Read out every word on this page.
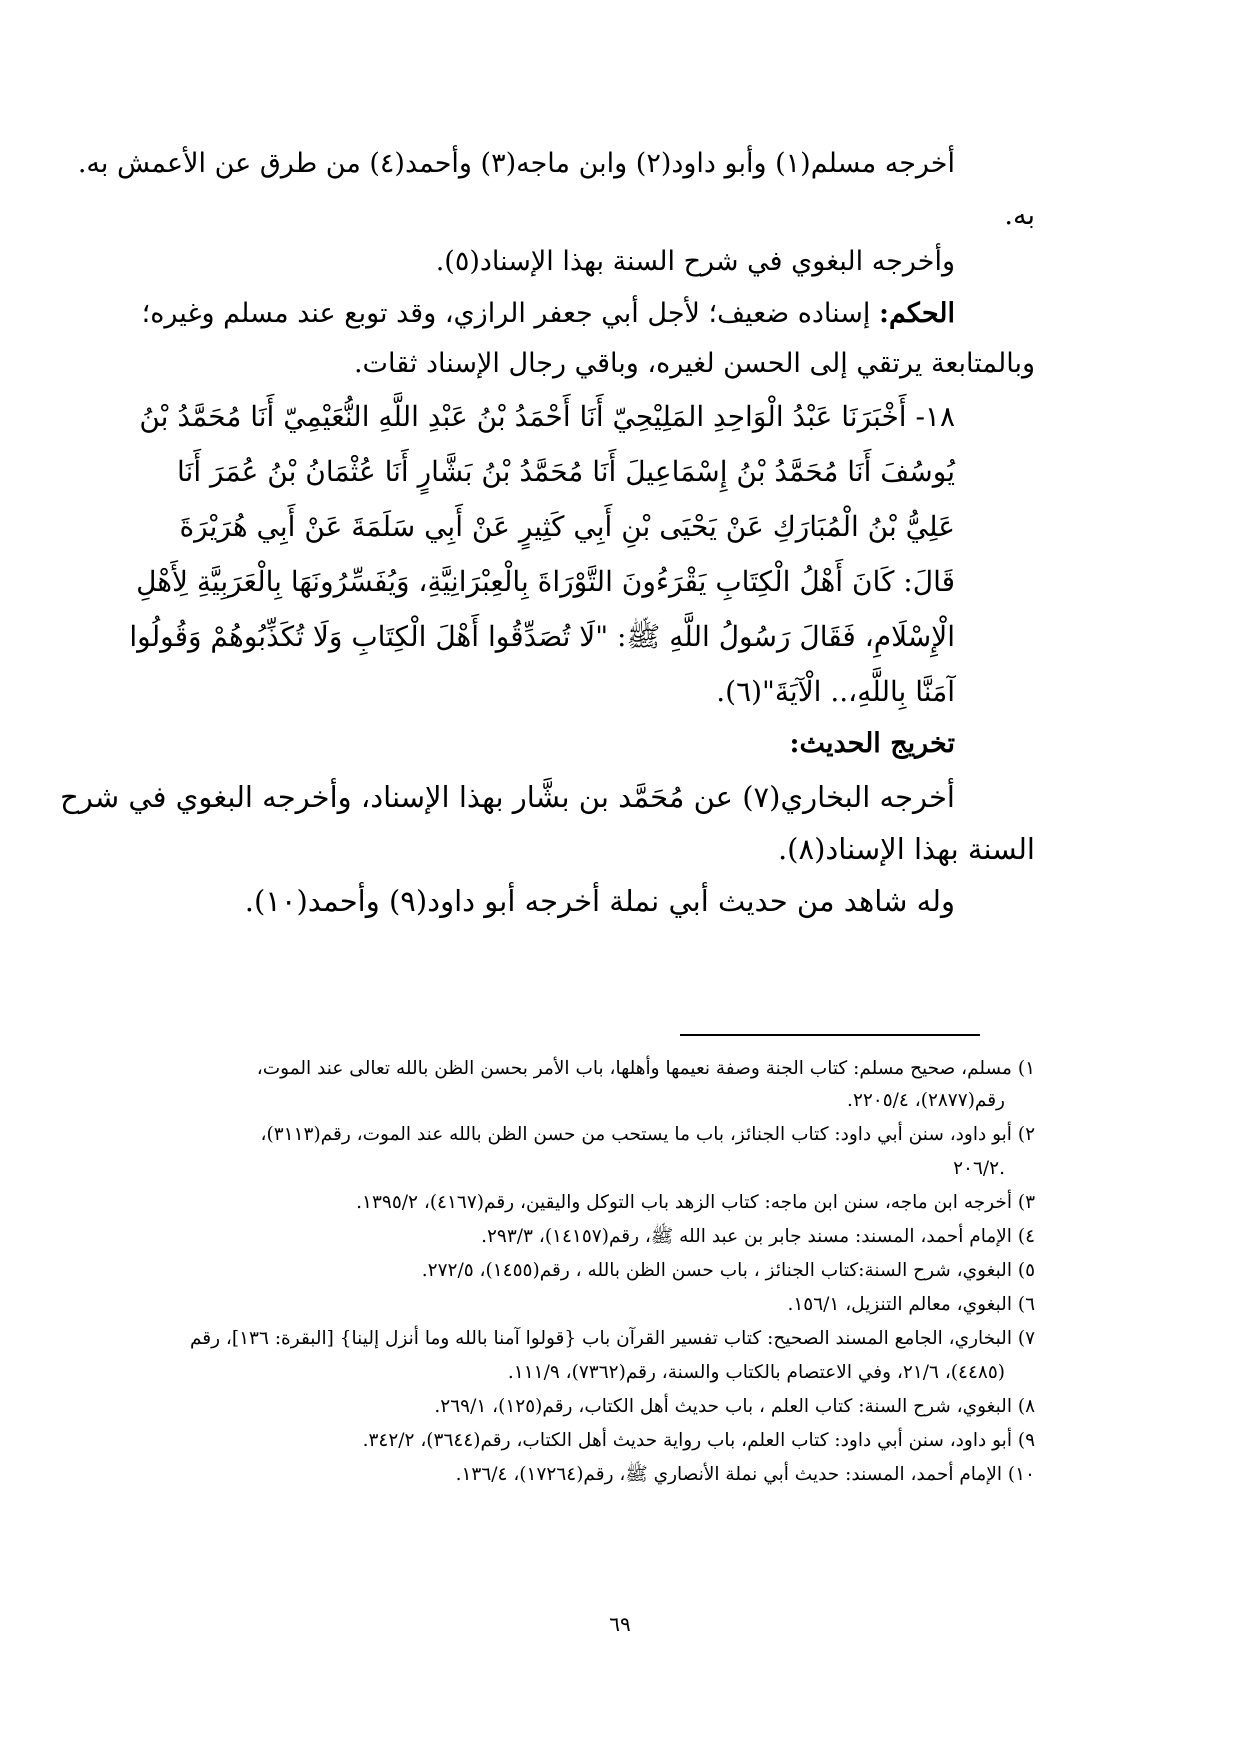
أخرجه مسلم(١) وأبو داود(٢) وابن ماجه(٣) وأحمد(٤) من طرق عن الأعمش به.
به.
وأخرجه البغوي في شرح السنة بهذا الإسناد(٥).
الحكم: إسناده ضعيف؛ لأجل أبي جعفر الرازي، وقد توبع عند مسلم وغيره؛
وبالمتابعة يرتقي إلى الحسن لغيره، وباقي رجال الإسناد ثقات.
١٨- أَخْبَرَنَا عَبْدُ الْوَاحِدِ المَلِيْحِيّ أَنَا أَحْمَدُ بْنُ عَبْدِ اللَّهِ النُّعَيْمِيّ أَنَا مُحَمَّدُ بْنُ
يُوسُفَ أَنَا مُحَمَّدُ بْنُ إِسْمَاعِيلَ أَنَا مُحَمَّدُ بْنُ بَشَّارٍ أَنَا عُثْمَانُ بْنُ عُمَرَ أَنَا
عَلِيُّ بْنُ الْمُبَارَكِ عَنْ يَحْيَى بْنِ أَبِي كَثِيرٍ عَنْ أَبِي سَلَمَةَ عَنْ أَبِي هُرَيْرَةَ
قَالَ: كَانَ أَهْلُ الْكِتَابِ يَقْرَءُونَ التَّوْرَاةَ بِالْعِبْرَانِيَّةِ، وَيُفَسِّرُونَهَا بِالْعَرَبِيَّةِ لِأَهْلِ
الْإِسْلَامِ، فَقَالَ رَسُولُ اللَّهِ ﷺ: "لَا تُصَدِّقُوا أَهْلَ الْكِتَابِ وَلَا تُكَذِّبُوهُمْ وَقُولُوا
آمَنَّا بِاللَّهِ،.. الْآيَةَ"(٦).
تخريج الحديث:
أخرجه البخاري(٧) عن مُحَمَّد بن بشَّار بهذا الإسناد، وأخرجه البغوي في شرح
السنة بهذا الإسناد(٨).
وله شاهد من حديث أبي نملة أخرجه أبو داود(٩) وأحمد(١٠).
١) مسلم، صحيح مسلم: كتاب الجنة وصفة نعيمها وأهلها، باب الأمر بحسن الظن بالله تعالى عند الموت،
رقم(٢٨٧٧)، ٢٢٠٥/٤.
٢) أبو داود، سنن أبي داود: كتاب الجنائز، باب ما يستحب من حسن الظن بالله عند الموت، رقم(٣١١٣)،
٢٠٦/٢.
٣) أخرجه ابن ماجه، سنن ابن ماجه: كتاب الزهد باب التوكل واليقين، رقم(٤١٦٧)، ١٣٩٥/٢.
٤) الإمام أحمد، المسند: مسند جابر بن عبد الله ﷺ، رقم(١٤١٥٧)، ٢٩٣/٣.
٥) البغوي، شرح السنة:كتاب الجنائز ، باب حسن الظن بالله ، رقم(١٤٥٥)، ٢٧٢/٥.
٦) البغوي، معالم التنزيل، ١٥٦/١.
٧) البخاري، الجامع المسند الصحيح: كتاب تفسير القرآن باب {قولوا آمنا بالله وما أنزل إلينا} [البقرة: ١٣٦]، رقم
(٤٤٨٥)، ٢١/٦، وفي الاعتصام بالكتاب والسنة، رقم(٧٣٦٢)، ١١١/٩.
٨) البغوي، شرح السنة: كتاب العلم ، باب حديث أهل الكتاب، رقم(١٢٥)، ٢٦٩/١.
٩) أبو داود، سنن أبي داود: كتاب العلم، باب رواية حديث أهل الكتاب، رقم(٣٦٤٤)، ٣٤٢/٢.
١٠) الإمام أحمد، المسند: حديث أبي نملة الأنصاري ﷺ، رقم(١٧٢٦٤)، ١٣٦/٤.
٦٩
